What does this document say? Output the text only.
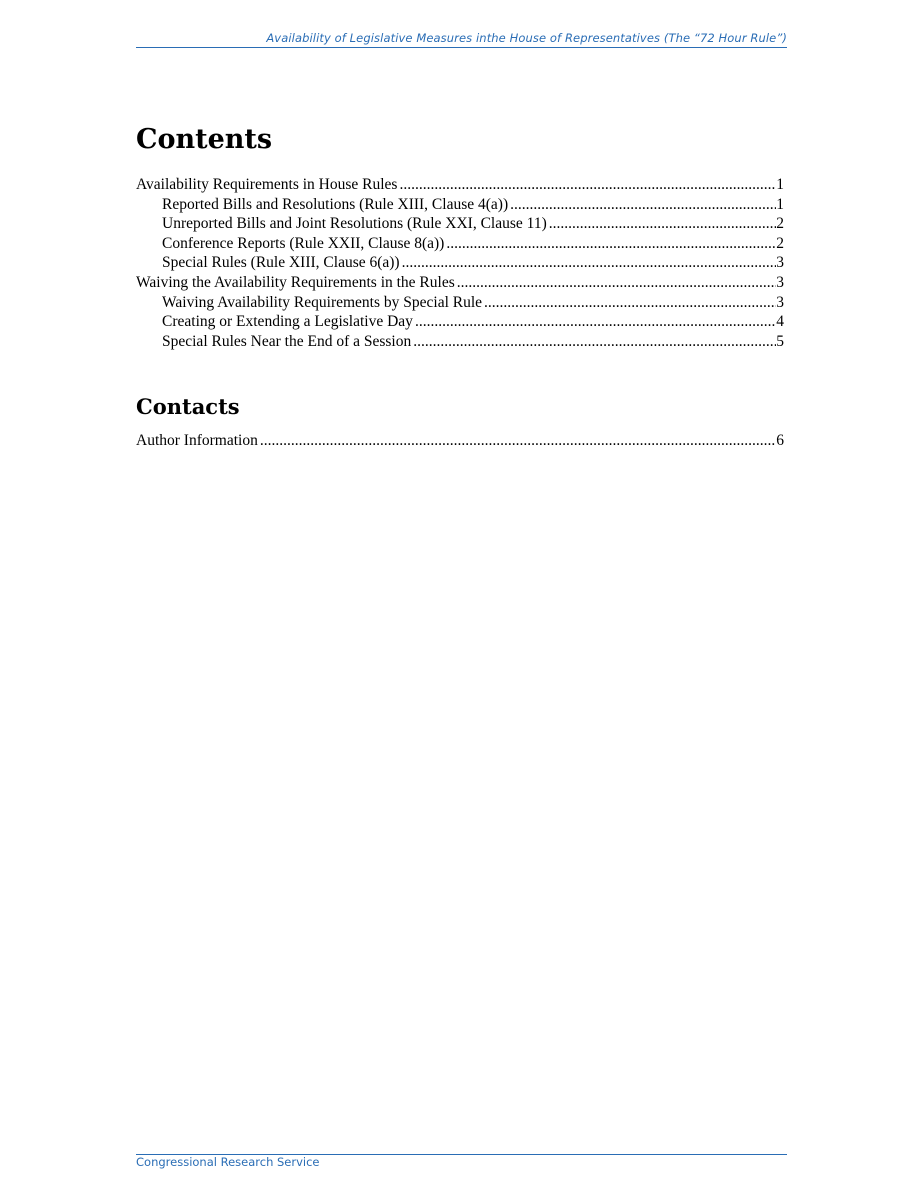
Availability of Legislative Measures inthe House of Representatives (The “72 Hour Rule”)
Contents
Availability Requirements in House Rules .....	1
Reported Bills and Resolutions (Rule XIII, Clause 4(a)) .....	1
Unreported Bills and Joint Resolutions (Rule XXI, Clause 11) .....	2
Conference Reports (Rule XXII, Clause 8(a)) .....	2
Special Rules (Rule XIII, Clause 6(a)) .....	3
Waiving the Availability Requirements in the Rules .....	3
Waiving Availability Requirements by Special Rule .....	3
Creating or Extending a Legislative Day .....	4
Special Rules Near the End of a Session .....	5
Contacts
Author Information .....	6
Congressional Research Service
